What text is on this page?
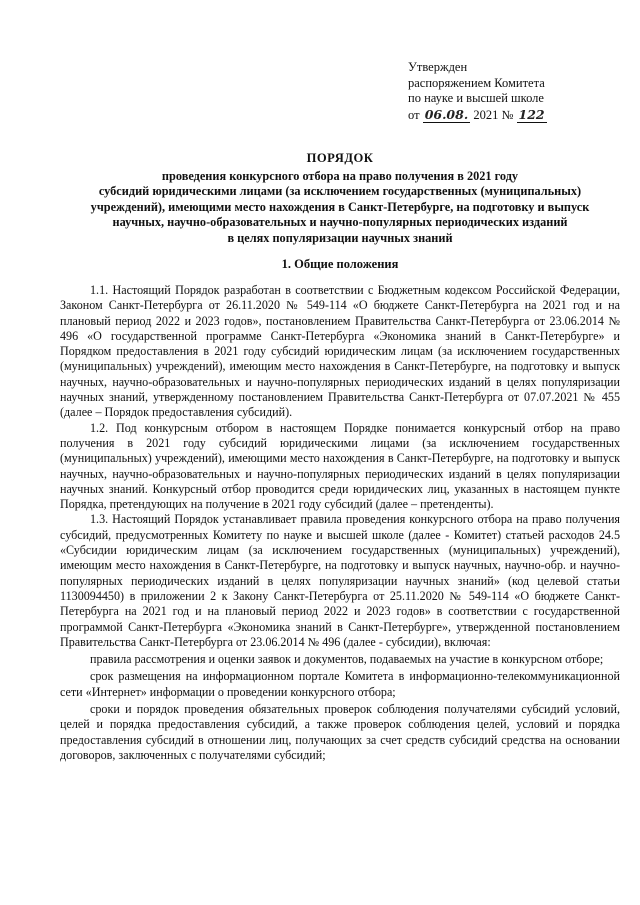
Утвержден
распоряжением Комитета
по науке и высшей школе
от 06.08. 2021 № 122
ПОРЯДОК
проведения конкурсного отбора на право получения в 2021 году
субсидий юридическими лицами (за исключением государственных (муниципальных)
учреждений), имеющими место нахождения в Санкт-Петербурге, на подготовку и выпуск
научных, научно-образовательных и научно-популярных периодических изданий
в целях популяризации научных знаний
1. Общие положения

1.1. Настоящий Порядок разработан в соответствии с Бюджетным кодексом Российской Федерации, Законом Санкт-Петербурга от 26.11.2020 № 549-114 «О бюджете Санкт-Петербурга на 2021 год и на плановый период 2022 и 2023 годов», постановлением Правительства Санкт-Петербурга от 23.06.2014 № 496 «О государственной программе Санкт-Петербурга «Экономика знаний в Санкт-Петербурге» и Порядком предоставления в 2021 году субсидий юридическим лицам (за исключением государственных (муниципальных) учреждений), имеющим место нахождения в Санкт-Петербурге, на подготовку и выпуск научных, научно-образовательных и научно-популярных периодических изданий в целях популяризации научных знаний, утвержденному постановлением Правительства Санкт-Петербурга от 07.07.2021 № 455 (далее – Порядок предоставления субсидий).

1.2. Под конкурсным отбором в настоящем Порядке понимается конкурсный отбор на право получения в 2021 году субсидий юридическими лицами (за исключением государственных (муниципальных) учреждений), имеющими место нахождения в Санкт-Петербурге, на подготовку и выпуск научных, научно-образовательных и научно-популярных периодических изданий в целях популяризации научных знаний. Конкурсный отбор проводится среди юридических лиц, указанных в настоящем пункте Порядка, претендующих на получение в 2021 году субсидий (далее – претенденты).

1.3. Настоящий Порядок устанавливает правила проведения конкурсного отбора на право получения субсидий, предусмотренных Комитету по науке и высшей школе (далее - Комитет) статьей расходов 24.5 «Субсидии юридическим лицам (за исключением государственных (муниципальных) учреждений), имеющим место нахождения в Санкт-Петербурге, на подготовку и выпуск научных, научно-обр. и научно-популярных периодических изданий в целях популяризации научных знаний» (код целевой статьи 1130094450) в приложении 2 к Закону Санкт-Петербурга от 25.11.2020 № 549-114 «О бюджете Санкт-Петербурга на 2021 год и на плановый период 2022 и 2023 годов» в соответствии с государственной программой Санкт-Петербурга «Экономика знаний в Санкт-Петербурге», утвержденной постановлением Правительства Санкт-Петербурга от 23.06.2014 № 496 (далее - субсидии), включая:

правила рассмотрения и оценки заявок и документов, подаваемых на участие в конкурсном отборе;

срок размещения на информационном портале Комитета в информационно-телекоммуникационной сети «Интернет» информации о проведении конкурсного отбора;

сроки и порядок проведения обязательных проверок соблюдения получателями субсидий условий, целей и порядка предоставления субсидий, а также проверок соблюдения целей, условий и порядка предоставления субсидий в отношении лиц, получающих за счет средств субсидий средства на основании договоров, заключенных с получателями субсидий;
